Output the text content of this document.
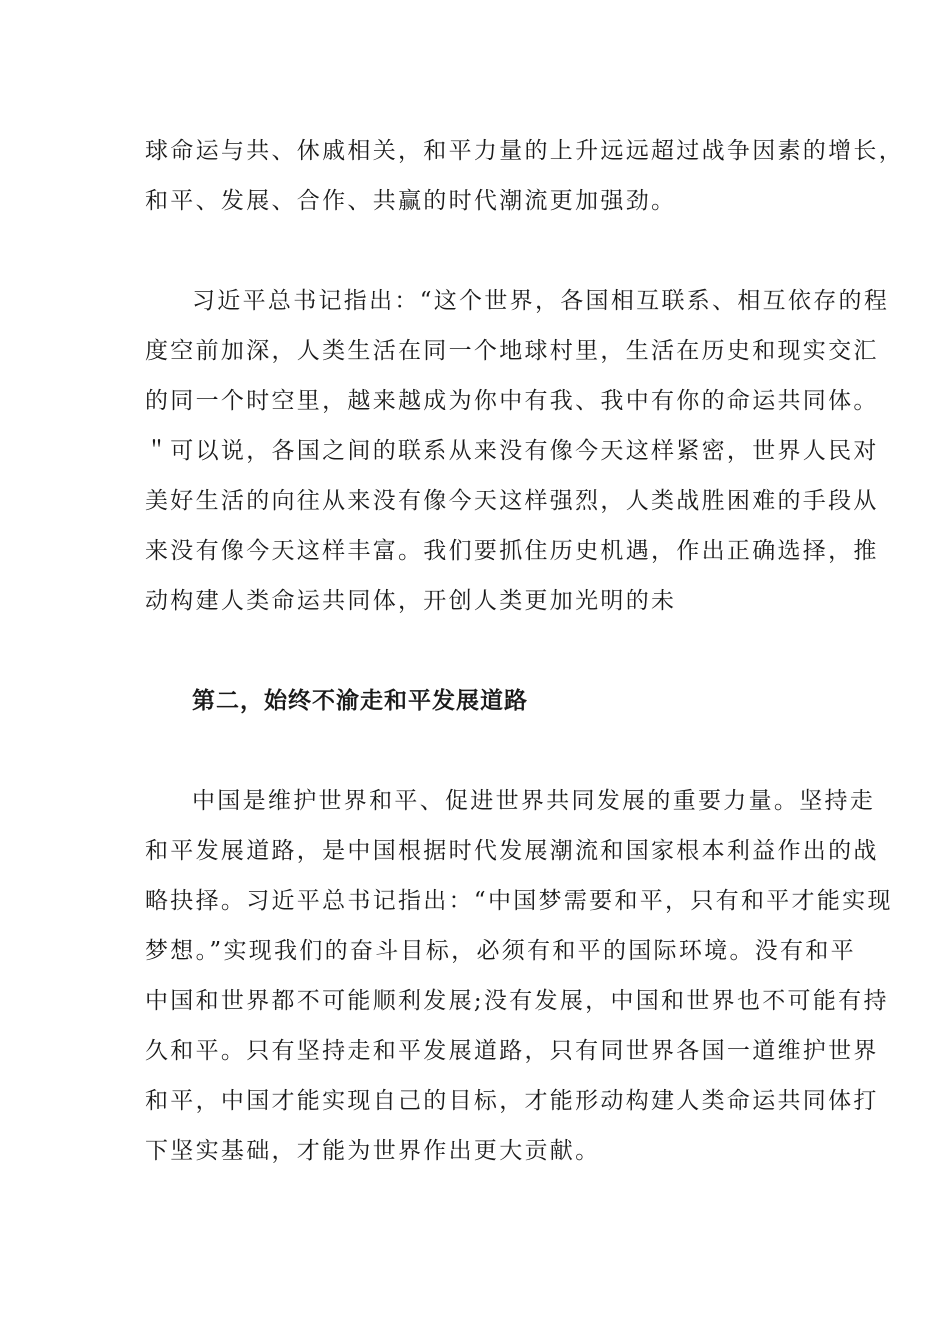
球命运与共、休戚相关，和平力量的上升远远超过战争因素的增长，
和平、发展、合作、共赢的时代潮流更加强劲。
习近平总书记指出：“这个世界，各国相互联系、相互依存的程
度空前加深，人类生活在同一个地球村里，生活在历史和现实交汇
的同一个时空里，越来越成为你中有我、我中有你的命运共同体。
＂可以说，各国之间的联系从来没有像今天这样紧密，世界人民对
美好生活的向往从来没有像今天这样强烈，人类战胜困难的手段从
来没有像今天这样丰富。我们要抓住历史机遇，作出正确选择，推
动构建人类命运共同体，开创人类更加光明的未
第二，始终不渝走和平发展道路
中国是维护世界和平、促进世界共同发展的重要力量。坚持走
和平发展道路，是中国根据时代发展潮流和国家根本利益作出的战
略抉择。习近平总书记指出：“中国梦需要和平，只有和平才能实现
梦想。”实现我们的奋斗目标，必须有和平的国际环境。没有和平
中国和世界都不可能顺利发展;没有发展，中国和世界也不可能有持
久和平。只有坚持走和平发展道路，只有同世界各国一道维护世界
和平，中国才能实现自己的目标，才能形动构建人类命运共同体打
下坚实基础，才能为世界作出更大贡献。
